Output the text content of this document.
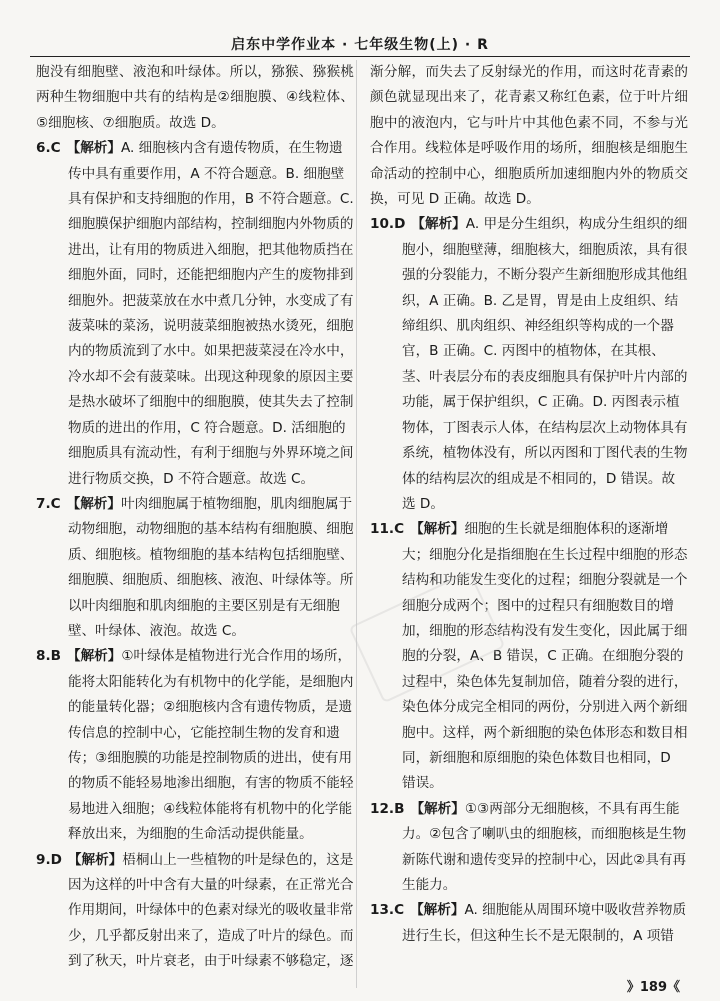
启东中学作业本 · 七年级生物(上) · R

胞没有细胞壁、液泡和叶绿体。所以，猕猴、猕猴桃两种生物细胞中共有的结构是②细胞膜、④线粒体、⑤细胞核、⑦细胞质。故选 D。

6.C 【解析】A. 细胞核内含有遗传物质，在生物遗传中具有重要作用，A 不符合题意。B. 细胞壁具有保护和支持细胞的作用，B 不符合题意。C. 细胞膜保护细胞内部结构，控制细胞内外物质的进出，让有用的物质进入细胞，把其他物质挡在细胞外面，同时，还能把细胞内产生的废物排到细胞外。把菠菜放在水中煮几分钟，水变成了有菠菜味的菜汤，说明菠菜细胞被热水烫死，细胞内的物质流到了水中。如果把菠菜浸在冷水中，冷水却不会有菠菜味。出现这种现象的原因主要是热水破坏了细胞中的细胞膜，使其失去了控制物质的进出的作用，C 符合题意。D. 活细胞的细胞质具有流动性，有利于细胞与外界环境之间进行物质交换，D 不符合题意。故选 C。
7.C 【解析】叶肉细胞属于植物细胞，肌肉细胞属于动物细胞，动物细胞的基本结构有细胞膜、细胞质、细胞核。植物细胞的基本结构包括细胞壁、细胞膜、细胞质、细胞核、液泡、叶绿体等。所以叶肉细胞和肌肉细胞的主要区别是有无细胞壁、叶绿体、液泡。故选 C。
8.B 【解析】①叶绿体是植物进行光合作用的场所，能将太阳能转化为有机物中的化学能，是细胞内的能量转化器；②细胞核内含有遗传物质，是遗传信息的控制中心，它能控制生物的发育和遗传；③细胞膜的功能是控制物质的进出，使有用的物质不能轻易地渗出细胞，有害的物质不能轻易地进入细胞；④线粒体能将有机物中的化学能释放出来，为细胞的生命活动提供能量。
9.D 【解析】梧桐山上一些植物的叶是绿色的，这是因为这样的叶中含有大量的叶绿素，在正常光合作用期间，叶绿体中的色素对绿光的吸收量非常少，几乎都反射出来了，造成了叶片的绿色。而到了秋天，叶片衰老，由于叶绿素不够稳定，逐

渐分解，而失去了反射绿光的作用，而这时花青素的颜色就显现出来了，花青素又称红色素，位于叶片细胞中的液泡内，它与叶片中其他色素不同，不参与光合作用。线粒体是呼吸作用的场所，细胞核是细胞生命活动的控制中心，细胞质所加速细胞内外的物质交换，可见 D 正确。故选 D。

10.D 【解析】A. 甲是分生组织，构成分生组织的细胞小，细胞壁薄，细胞核大，细胞质浓，具有很强的分裂能力，不断分裂产生新细胞形成其他组织，A 正确。B. 乙是胃，胃是由上皮组织、结缔组织、肌肉组织、神经组织等构成的一个器官，B 正确。C. 丙图中的植物体，在其根、茎、叶表层分布的表皮细胞具有保护叶片内部的功能，属于保护组织，C 正确。D. 丙图表示植物体，丁图表示人体，在结构层次上动物体具有系统，植物体没有，所以丙图和丁图代表的生物体的结构层次的组成是不相同的，D 错误。故选 D。
11.C 【解析】细胞的生长就是细胞体积的逐渐增大；细胞分化是指细胞在生长过程中细胞的形态结构和功能发生变化的过程；细胞分裂就是一个细胞分成两个；图中的过程只有细胞数目的增加，细胞的形态结构没有发生变化，因此属于细胞的分裂，A、B 错误，C 正确。在细胞分裂的过程中，染色体先复制加倍，随着分裂的进行，染色体分成完全相同的两份，分别进入两个新细胞中。这样，两个新细胞的染色体形态和数目相同，新细胞和原细胞的染色体数目也相同，D 错误。
12.B 【解析】①③两部分无细胞核，不具有再生能力。②包含了喇叭虫的细胞核，而细胞核是生物新陈代谢和遗传变异的控制中心，因此②具有再生能力。
13.C 【解析】A. 细胞能从周围环境中吸收营养物质进行生长，但这种生长不是无限制的，A 项错
》189《
